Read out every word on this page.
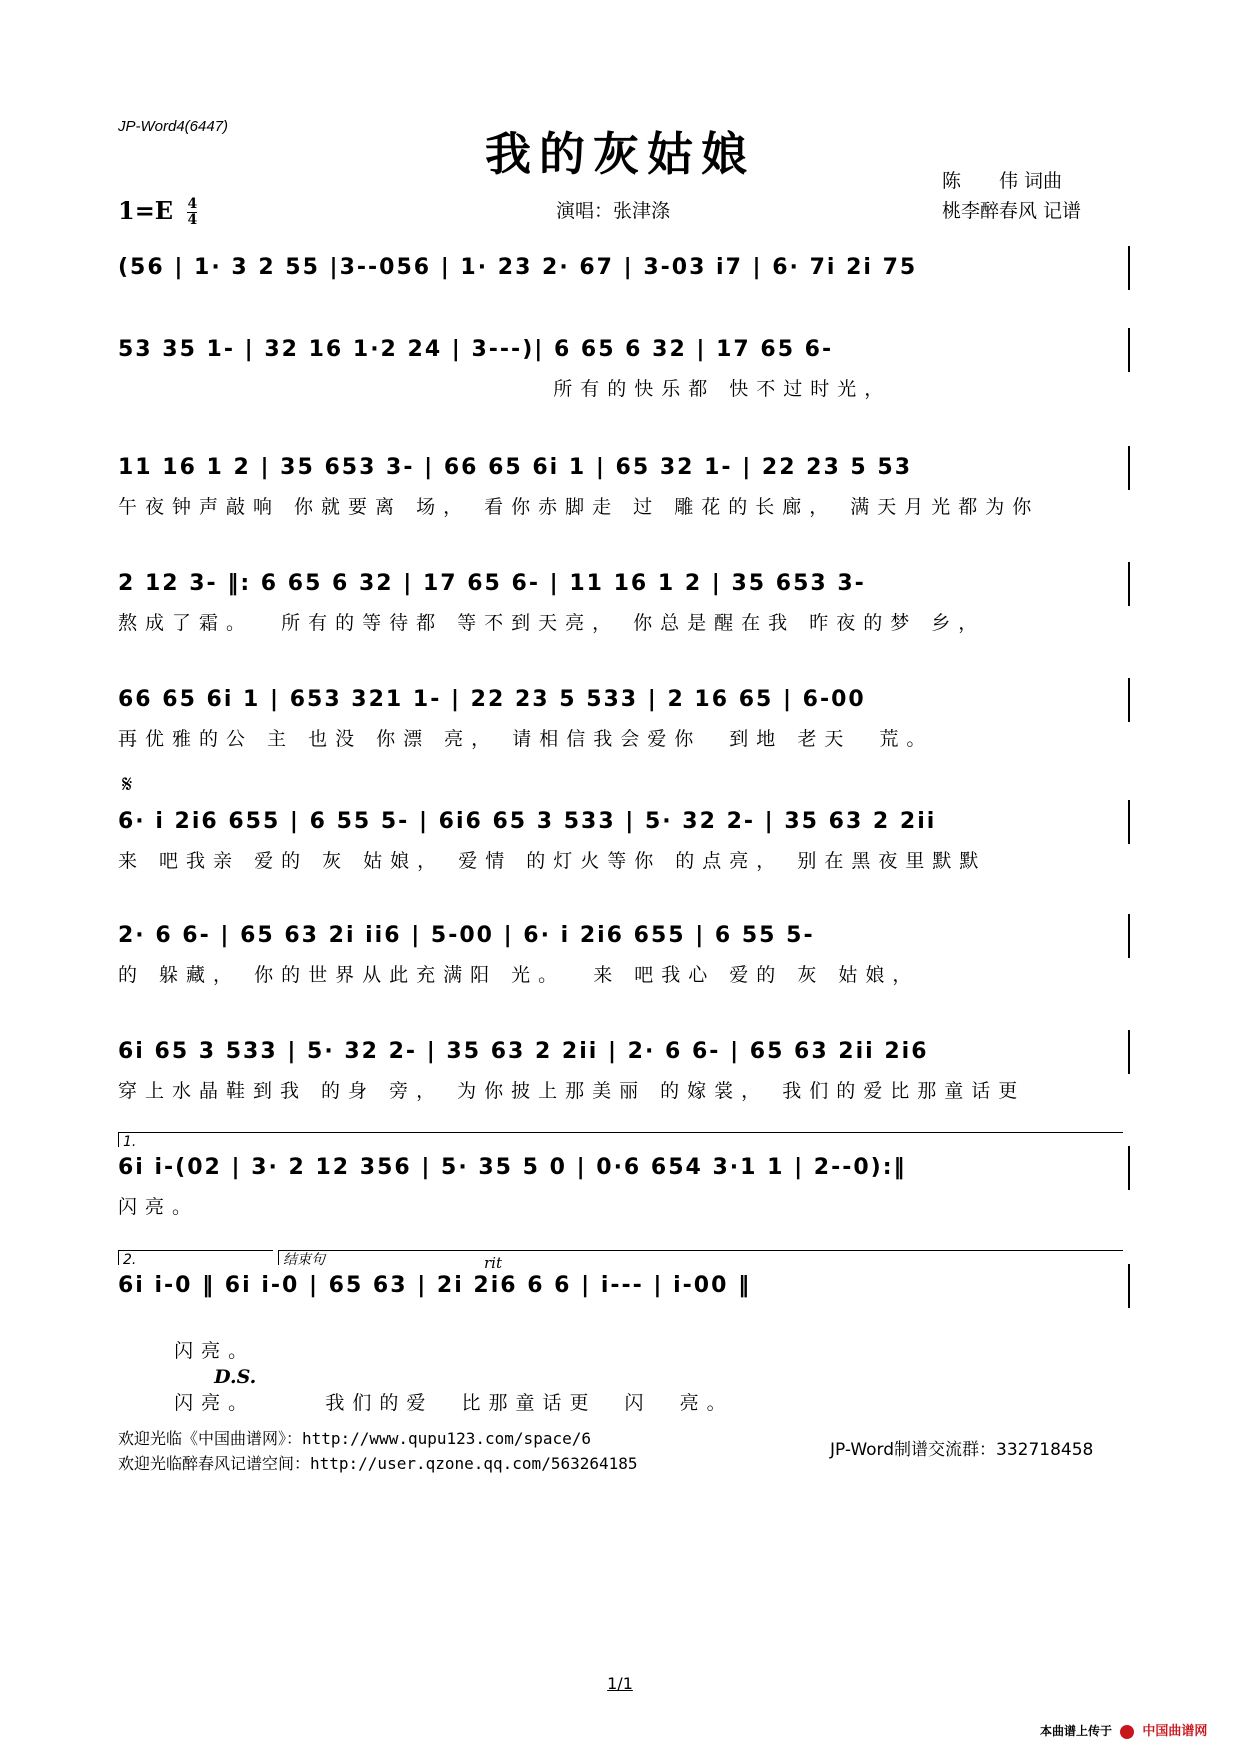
JP-Word4(6447)
我的灰姑娘	陈　　伟 词曲
桃李醉春风 记谱
$1=E \frac{4}{4}$	演唱：张津涤
(56 | 1· 3 2 55 |3--056 | 1· 23 2· 67 | 3-03 i7 | 6· 7i 2i 75
53 35 1- | 32 16 1·2 24 | 3---)| 6 65 6 32 | 17 65 6-
所有的快乐都 快不过时光，
11 16 1 2 | 35 653 3- | 66 65 6i 1 | 65 32 1- | 22 23 5 53
午夜钟声敲响 你就要离 场， 看你赤脚走 过 雕花的长廊， 满天月光都为你
2 12 3- ‖: 6 65 6 32 | 17 65 6- | 11 16 1 2 | 35 653 3-
熬成了霜。  所有的等待都 等不到天亮， 你总是醒在我 昨夜的梦 乡，
66 65 6i 1 | 653 321 1- | 22 23 5 533 | 2 16 65 | 6-00
再优雅的公 主 也没 你漂 亮， 请相信我会爱你  到地 老天  荒。
𝄋
6· i 2i6 655 | 6 55 5- | 6i6 65 3 533 | 5· 32 2- | 35 63 2 2ii
来 吧我亲 爱的 灰 姑娘， 爱情 的灯火等你 的点亮， 别在黑夜里默默
2· 6 6- | 65 63 2i ii6 | 5-00 | 6· i 2i6 655 | 6 55 5-
的 躲藏， 你的世界从此充满阳 光。  来 吧我心 爱的 灰 姑娘，
6i 65 3 533 | 5· 32 2- | 35 63 2 2ii | 2· 6 6- | 65 63 2ii 2i6
穿上水晶鞋到我 的身 旁， 为你披上那美丽 的嫁裳， 我们的爱比那童话更
1.
6i i-(02 | 3· 2 12 356 | 5· 35 5 0 | 0·6 654 3·1 1 | 2--0):‖
闪亮。
2.	结束句	rit
6i i-0 ‖ 6i i-0 | 65 63 | 2i 2i6 6 6 | i--- | i-00 ‖

闪亮。
D.S.
闪亮。     我们的爱  比那童话更  闪  亮。

欢迎光临《中国曲谱网》：http://www.qupu123.com/space/6
欢迎光临醉春风记谱空间：http://user.qzone.qq.com/563264185
JP-Word制谱交流群：332718458
1/1
本曲谱上传于 中国曲谱网
